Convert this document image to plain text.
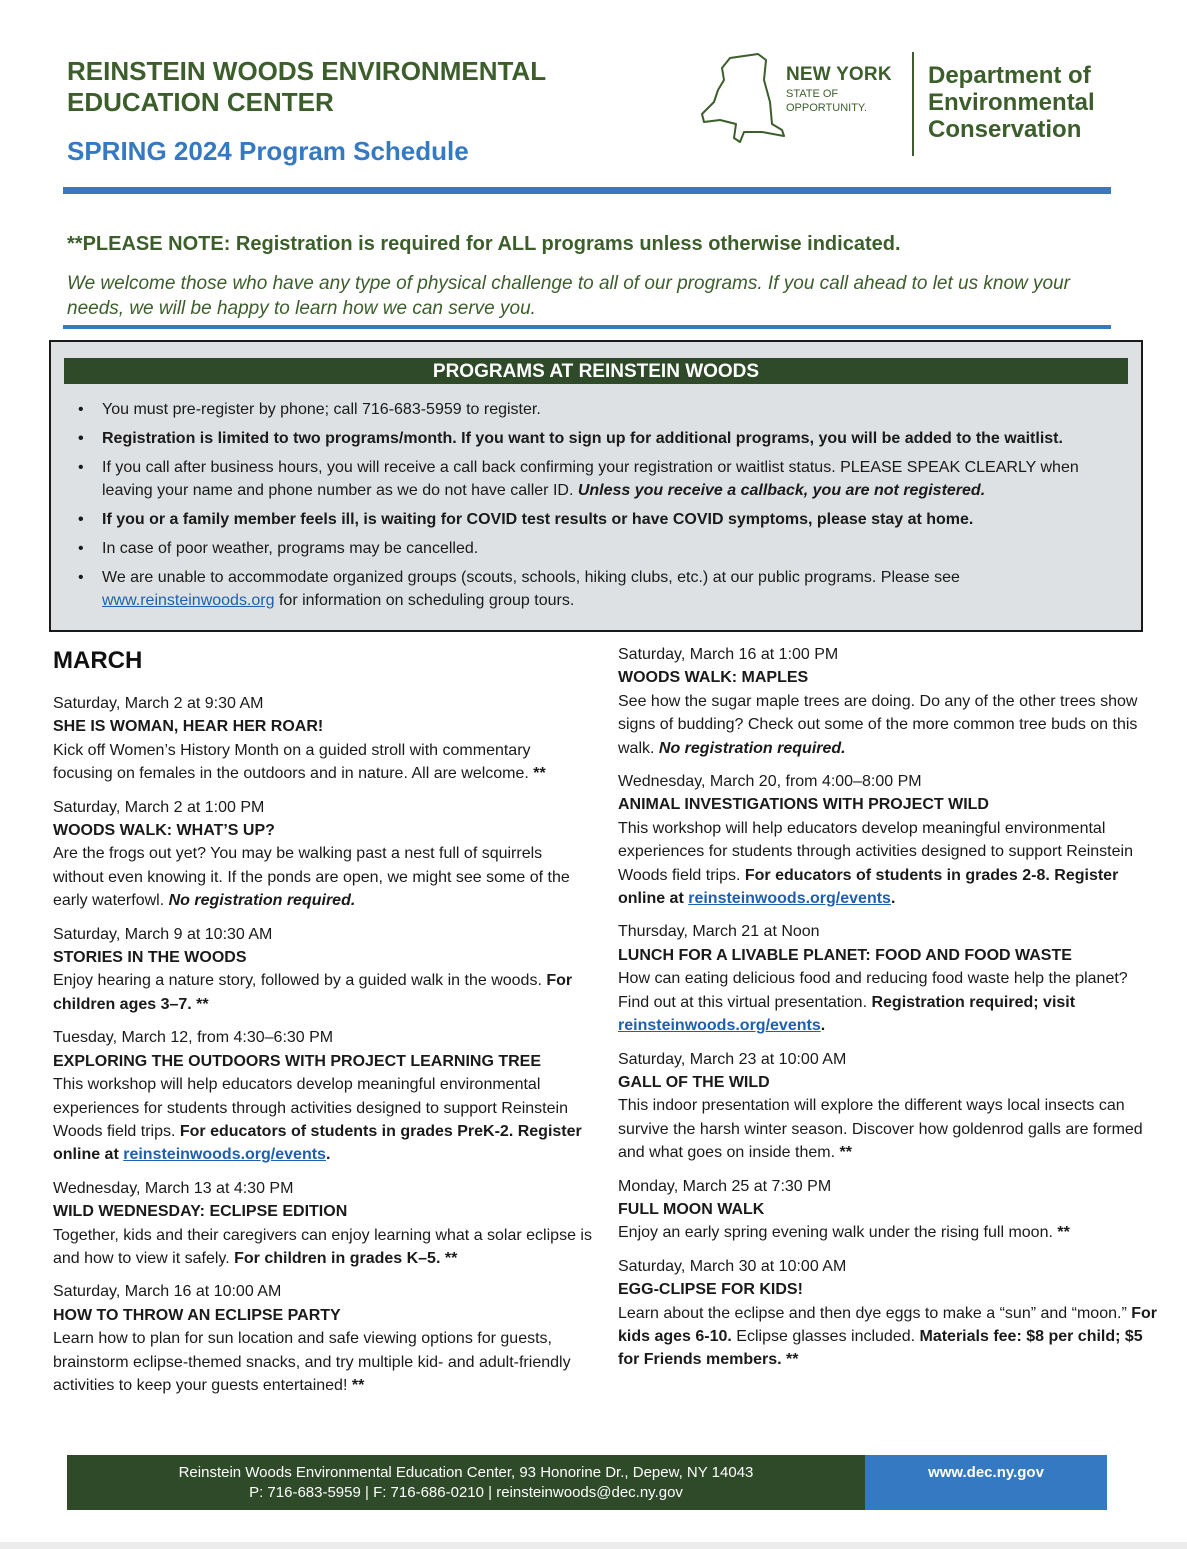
REINSTEIN WOODS ENVIRONMENTAL
EDUCATION CENTER
SPRING 2024 Program Schedule
NEW YORK
STATE OF
OPPORTUNITY.
Department of
Environmental
Conservation
**PLEASE NOTE: Registration is required for ALL programs unless otherwise indicated.
We welcome those who have any type of physical challenge to all of our programs. If you call ahead to let us know your needs, we will be happy to learn how we can serve you.
PROGRAMS AT REINSTEIN WOODS
• You must pre-register by phone; call 716-683-5959 to register.
• Registration is limited to two programs/month. If you want to sign up for additional programs, you will be added to the waitlist.
• If you call after business hours, you will receive a call back confirming your registration or waitlist status. PLEASE SPEAK CLEARLY when leaving your name and phone number as we do not have caller ID. Unless you receive a callback, you are not registered.
• If you or a family member feels ill, is waiting for COVID test results or have COVID symptoms, please stay at home.
• In case of poor weather, programs may be cancelled.
• We are unable to accommodate organized groups (scouts, schools, hiking clubs, etc.) at our public programs. Please see www.reinsteinwoods.org for information on scheduling group tours.
MARCH
Saturday, March 2 at 9:30 AM
SHE IS WOMAN, HEAR HER ROAR!
Kick off Women’s History Month on a guided stroll with commentary focusing on females in the outdoors and in nature. All are welcome. **
Saturday, March 2 at 1:00 PM
WOODS WALK: WHAT’S UP?
Are the frogs out yet? You may be walking past a nest full of squirrels without even knowing it. If the ponds are open, we might see some of the early waterfowl. No registration required.
Saturday, March 9 at 10:30 AM
STORIES IN THE WOODS
Enjoy hearing a nature story, followed by a guided walk in the woods. For children ages 3–7. **
Tuesday, March 12, from 4:30–6:30 PM
EXPLORING THE OUTDOORS WITH PROJECT LEARNING TREE
This workshop will help educators develop meaningful environmental experiences for students through activities designed to support Reinstein Woods field trips. For educators of students in grades PreK-2. Register online at reinsteinwoods.org/events.
Wednesday, March 13 at 4:30 PM
WILD WEDNESDAY: ECLIPSE EDITION
Together, kids and their caregivers can enjoy learning what a solar eclipse is and how to view it safely. For children in grades K–5. **
Saturday, March 16 at 10:00 AM
HOW TO THROW AN ECLIPSE PARTY
Learn how to plan for sun location and safe viewing options for guests, brainstorm eclipse-themed snacks, and try multiple kid- and adult-friendly activities to keep your guests entertained! **
Saturday, March 16 at 1:00 PM
WOODS WALK: MAPLES
See how the sugar maple trees are doing. Do any of the other trees show signs of budding? Check out some of the more common tree buds on this walk. No registration required.
Wednesday, March 20, from 4:00–8:00 PM
ANIMAL INVESTIGATIONS WITH PROJECT WILD
This workshop will help educators develop meaningful environmental experiences for students through activities designed to support Reinstein Woods field trips. For educators of students in grades 2-8. Register online at reinsteinwoods.org/events.
Thursday, March 21 at Noon
LUNCH FOR A LIVABLE PLANET: FOOD AND FOOD WASTE
How can eating delicious food and reducing food waste help the planet? Find out at this virtual presentation. Registration required; visit reinsteinwoods.org/events.
Saturday, March 23 at 10:00 AM
GALL OF THE WILD
This indoor presentation will explore the different ways local insects can survive the harsh winter season. Discover how goldenrod galls are formed and what goes on inside them. **
Monday, March 25 at 7:30 PM
FULL MOON WALK
Enjoy an early spring evening walk under the rising full moon. **
Saturday, March 30 at 10:00 AM
EGG-CLIPSE FOR KIDS!
Learn about the eclipse and then dye eggs to make a “sun” and “moon.” For kids ages 6-10. Eclipse glasses included. Materials fee: $8 per child; $5 for Friends members. **
Reinstein Woods Environmental Education Center, 93 Honorine Dr., Depew, NY 14043
P: 716-683-5959 | F: 716-686-0210 | reinsteinwoods@dec.ny.gov
www.dec.ny.gov
